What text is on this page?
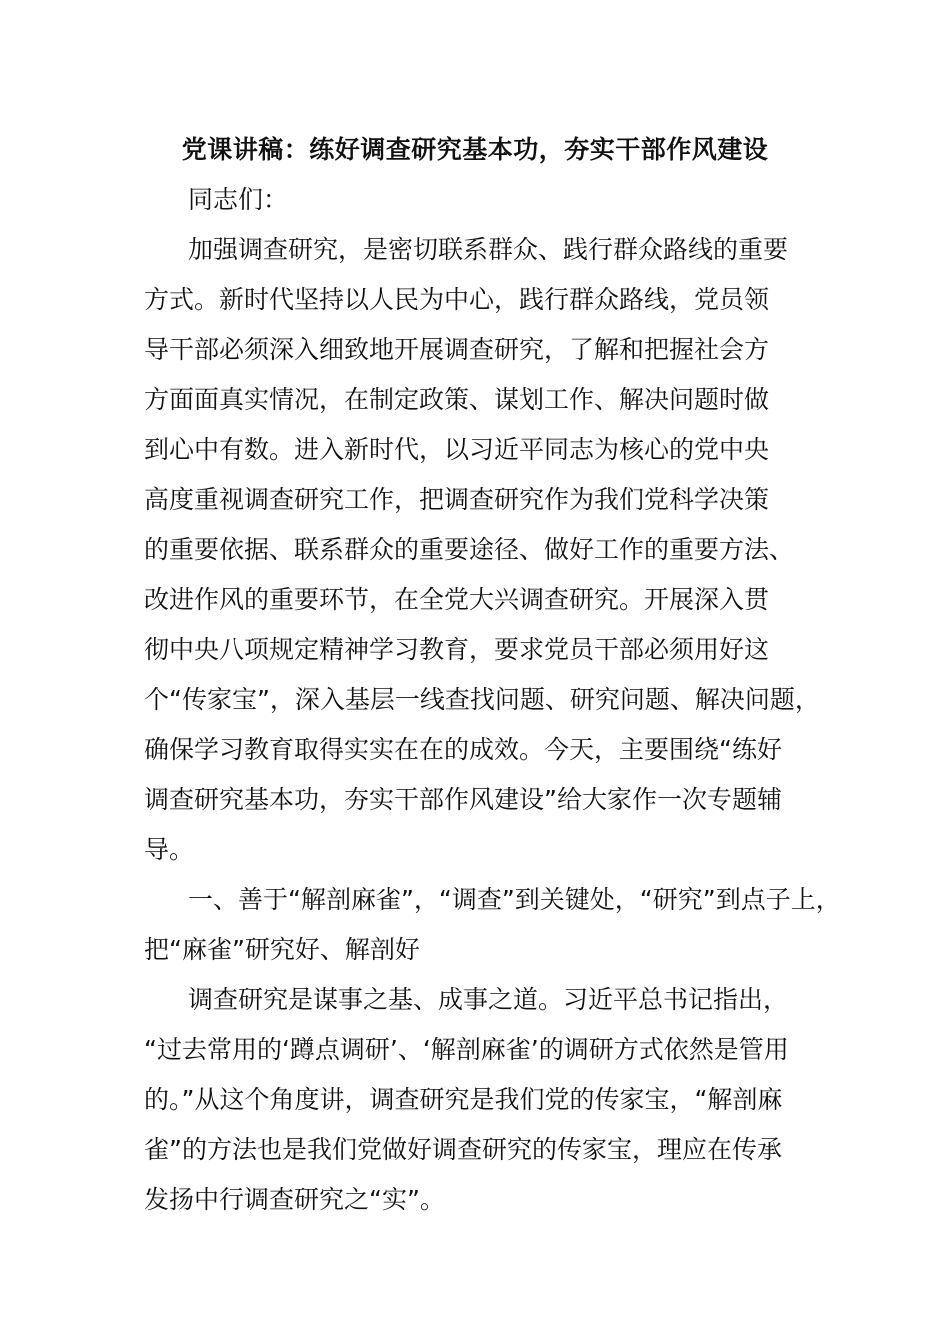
党课讲稿：练好调查研究基本功，夯实干部作风建设
同志们：
加强调查研究，是密切联系群众、践行群众路线的重要
方式。新时代坚持以人民为中心，践行群众路线，党员领
导干部必须深入细致地开展调查研究，了解和把握社会方
方面面真实情况，在制定政策、谋划工作、解决问题时做
到心中有数。进入新时代，以习近平同志为核心的党中央
高度重视调查研究工作，把调查研究作为我们党科学决策
的重要依据、联系群众的重要途径、做好工作的重要方法、
改进作风的重要环节，在全党大兴调查研究。开展深入贯
彻中央八项规定精神学习教育，要求党员干部必须用好这
个“传家宝”，深入基层一线查找问题、研究问题、解决问题，
确保学习教育取得实实在在的成效。今天，主要围绕“练好
调查研究基本功，夯实干部作风建设”给大家作一次专题辅
导。
一、善于“解剖麻雀”，“调查”到关键处，“研究”到点子上，
把“麻雀”研究好、解剖好
调查研究是谋事之基、成事之道。习近平总书记指出，
“过去常用的‘蹲点调研’、‘解剖麻雀’的调研方式依然是管用
的。”从这个角度讲，调查研究是我们党的传家宝，“解剖麻
雀”的方法也是我们党做好调查研究的传家宝，理应在传承
发扬中行调查研究之“实”。
